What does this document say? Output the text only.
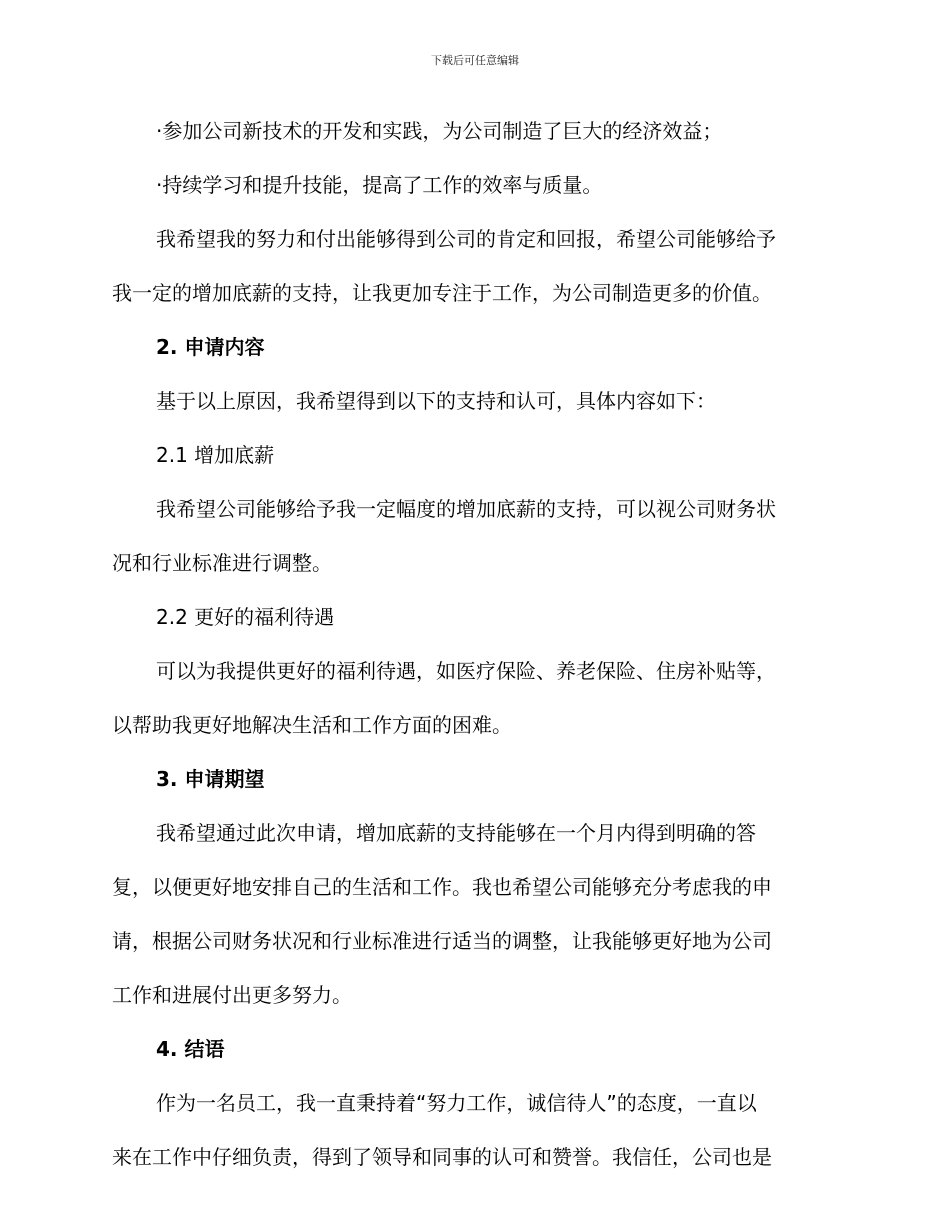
下载后可任意编辑
·参加公司新技术的开发和实践，为公司制造了巨大的经济效益；
·持续学习和提升技能，提高了工作的效率与质量。
我希望我的努力和付出能够得到公司的肯定和回报，希望公司能够给予
我一定的增加底薪的支持，让我更加专注于工作，为公司制造更多的价值。
2. 申请内容
基于以上原因，我希望得到以下的支持和认可，具体内容如下：
2.1 增加底薪
我希望公司能够给予我一定幅度的增加底薪的支持，可以视公司财务状
况和行业标准进行调整。
2.2 更好的福利待遇
可以为我提供更好的福利待遇，如医疗保险、养老保险、住房补贴等，
以帮助我更好地解决生活和工作方面的困难。
3. 申请期望
我希望通过此次申请，增加底薪的支持能够在一个月内得到明确的答
复，以便更好地安排自己的生活和工作。我也希望公司能够充分考虑我的申
请，根据公司财务状况和行业标准进行适当的调整，让我能够更好地为公司
工作和进展付出更多努力。
4. 结语
作为一名员工，我一直秉持着“努力工作，诚信待人”的态度，一直以
来在工作中仔细负责，得到了领导和同事的认可和赞誉。我信任，公司也是
